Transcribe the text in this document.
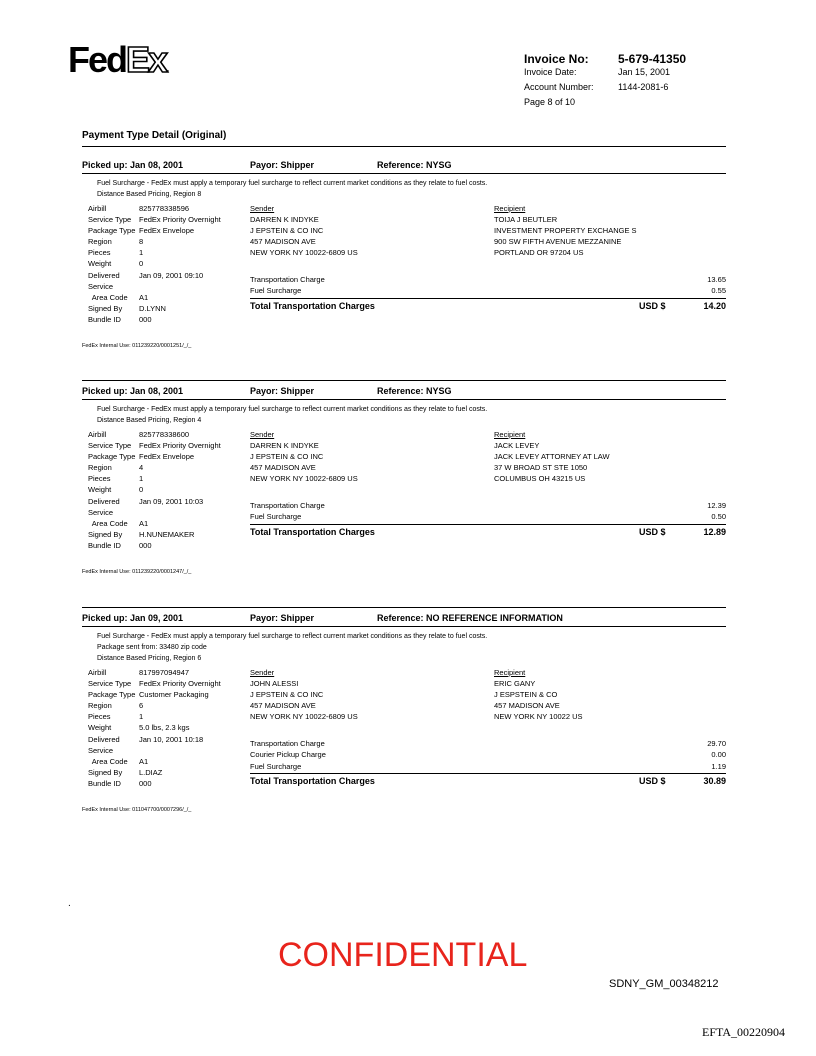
FedEx.
Invoice No:	5-679-41350
Invoice Date:	Jan 15, 2001
Account Number:	1144-2081-6
Page 8 of 10
Payment Type Detail (Original)
Picked up: Jan 08, 2001	Payor: Shipper	Reference: NYSG
Fuel Surcharge - FedEx must apply a temporary fuel surcharge to reflect current market conditions as they relate to fuel costs.
Distance Based Pricing, Region 8
Airbill	825778338596
Service Type	FedEx Priority Overnight
Package Type FedEx Envelope
Region	8
Pieces	1
Weight	0
Delivered	Jan 09, 2001 09:10
Service
Area Code	A1
Signed By	D.LYNN
Bundle ID	000
Sender
DARREN K INDYKE
J EPSTEIN & CO INC
457 MADISON AVE
NEW YORK NY 10022-6809 US
Recipient
TOIJA J BEUTLER
INVESTMENT PROPERTY EXCHANGE S
900 SW FIFTH AVENUE MEZZANINE
PORTLAND OR 97204 US
Transportation Charge	13.65
Fuel Surcharge	0.55
Total Transportation Charges	USD $	14.20
FedEx Internal Use: 011239220/0001251/_/_
Picked up: Jan 08, 2001	Payor: Shipper	Reference: NYSG
Fuel Surcharge - FedEx must apply a temporary fuel surcharge to reflect current market conditions as they relate to fuel costs.
Distance Based Pricing, Region 4
Airbill	825778338600
Service Type	FedEx Priority Overnight
Package Type FedEx Envelope
Region	4
Pieces	1
Weight	0
Delivered	Jan 09, 2001 10:03
Service
Area Code	A1
Signed By	H.NUNEMAKER
Bundle ID	000
Sender
DARREN K INDYKE
J EPSTEIN & CO INC
457 MADISON AVE
NEW YORK NY 10022-6809 US
Recipient
JACK LEVEY
JACK LEVEY ATTORNEY AT LAW
37 W BROAD ST STE 1050
COLUMBUS OH 43215 US
Transportation Charge	12.39
Fuel Surcharge	0.50
Total Transportation Charges	USD $	12.89
FedEx Internal Use: 011239220/0001247/_/_
Picked up: Jan 09, 2001	Payor: Shipper	Reference: NO REFERENCE INFORMATION
Fuel Surcharge - FedEx must apply a temporary fuel surcharge to reflect current market conditions as they relate to fuel costs.
Package sent from: 33480 zip code
Distance Based Pricing, Region 6
Airbill	817997094947
Service Type	FedEx Priority Overnight
Package Type Customer Packaging
Region	6
Pieces	1
Weight	5.0 lbs, 2.3 kgs
Delivered	Jan 10, 2001 10:18
Service
Area Code	A1
Signed By	L.DIAZ
Bundle ID	000
Sender
JOHN ALESSI
J EPSTEIN & CO INC
457 MADISON AVE
NEW YORK NY 10022-6809 US
Recipient
ERIC GANY
J ESPSTEIN & CO
457 MADISON AVE
NEW YORK NY 10022 US
Transportation Charge	29.70
Courier Pickup Charge	0.00
Fuel Surcharge	1.19
Total Transportation Charges	USD $	30.89
FedEx Internal Use: 011047700/0007296/_/_
.
CONFIDENTIAL
SDNY_GM_00348212
EFTA_00220904
